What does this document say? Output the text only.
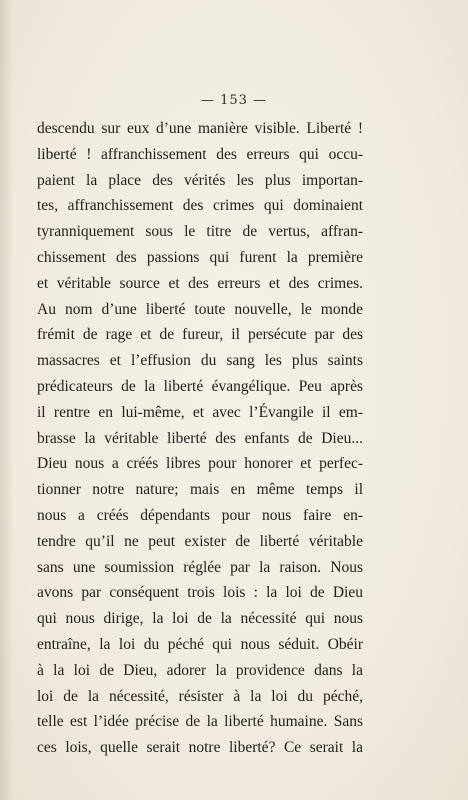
— 153 —
descendu sur eux d’une manière visible. Liberté !
liberté ! affranchissement des erreurs qui occu-
paient la place des vérités les plus importan-
tes, affranchissement des crimes qui dominaient
tyranniquement sous le titre de vertus, affran-
chissement des passions qui furent la première
et véritable source et des erreurs et des crimes.
Au nom d’une liberté toute nouvelle, le monde
frémit de rage et de fureur, il persécute par des
massacres et l’effusion du sang les plus saints
prédicateurs de la liberté évangélique. Peu après
il rentre en lui-même, et avec l’Évangile il em-
brasse la véritable liberté des enfants de Dieu...
Dieu nous a créés libres pour honorer et perfec-
tionner notre nature; mais en même temps il
nous a créés dépendants pour nous faire en-
tendre qu’il ne peut exister de liberté véritable
sans une soumission réglée par la raison. Nous
avons par conséquent trois lois : la loi de Dieu
qui nous dirige, la loi de la nécessité qui nous
entraîne, la loi du péché qui nous séduit. Obéir
à la loi de Dieu, adorer la providence dans la
loi de la nécessité, résister à la loi du péché,
telle est l’idée précise de la liberté humaine. Sans
ces lois, quelle serait notre liberté? Ce serait la
